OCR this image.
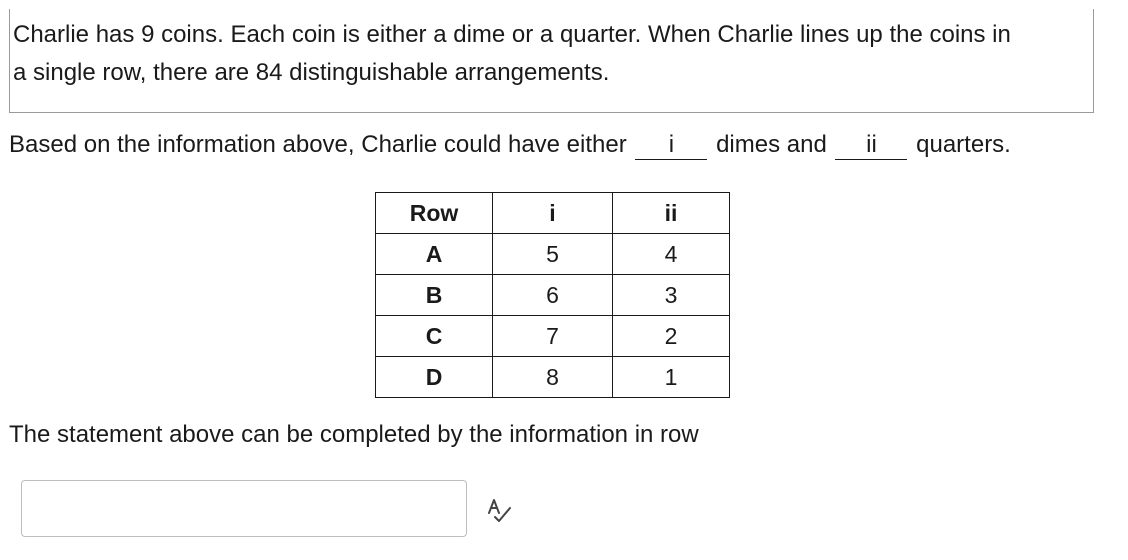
Charlie has 9 coins. Each coin is either a dime or a quarter. When Charlie lines up the coins in
a single row, there are 84 distinguishable arrangements.
Based on the information above, Charlie could have either i dimes and ii quarters.
Row	i	ii
A	5	4
B	6	3
C	7	2
D	8	1
The statement above can be completed by the information in row
